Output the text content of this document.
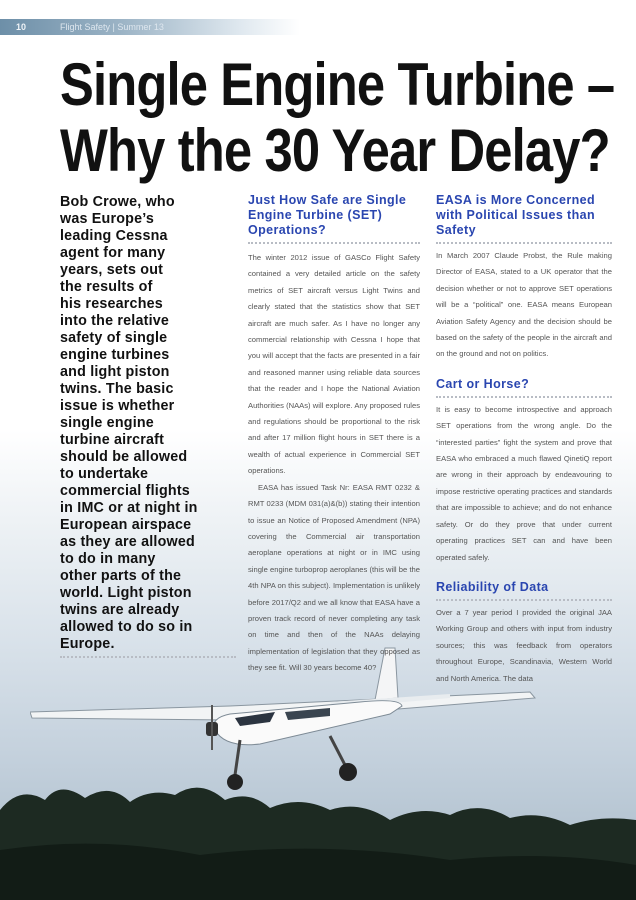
10	Flight Safety | Summer 13
Single Engine Turbine –
Why the 30 Year Delay?
Bob Crowe, who
was Europe’s
leading Cessna
agent for many
years, sets out
the results of
his researches
into the relative
safety of single
engine turbines
and light piston
twins. The basic
issue is whether
single engine
turbine aircraft
should be allowed
to undertake
commercial flights
in IMC or at night in
European airspace
as they are allowed
to do in many
other parts of the
world. Light piston
twins are already
allowed to do so in
Europe.
Just How Safe are Single Engine Turbine (SET) Operations?

The winter 2012 issue of GASCo Flight Safety contained a very detailed article on the safety metrics of SET aircraft versus Light Twins and clearly stated that the statistics show that SET aircraft are much safer. As I have no longer any commercial relationship with Cessna I hope that you will accept that the facts are presented in a fair and reasoned manner using reliable data sources that the reader and I hope the National Aviation Authorities (NAAs) will explore. Any proposed rules and regulations should be proportional to the risk and after 17 million flight hours in SET there is a wealth of actual experience in Commercial SET operations.

EASA has issued Task Nr: EASA RMT 0232 & RMT 0233 (MDM 031(a)&(b)) stating their intention to issue an Notice of Proposed Amendment (NPA) covering the Commercial air transportation aeroplane operations at night or in IMC using single engine turboprop aeroplanes (this will be the 4th NPA on this subject). Implementation is unlikely before 2017/Q2 and we all know that EASA have a proven track record of never completing any task on time and then of the NAAs delaying implementation of legislation that they opposed as they see fit. Will 30 years become 40?

EASA is More Concerned with Political Issues than Safety

In March 2007 Claude Probst, the Rule making Director of EASA, stated to a UK operator that the decision whether or not to approve SET operations will be a “political” one. EASA means European Aviation Safety Agency and the decision should be based on the safety of the people in the aircraft and on the ground and not on politics.

Cart or Horse?

It is easy to become introspective and approach SET operations from the wrong angle. Do the “interested parties” fight the system and prove that EASA who embraced a much flawed QinetiQ report are wrong in their approach by endeavouring to impose restrictive operating practices and standards that are impossible to achieve; and do not enhance safety. Or do they prove that under current operating practices SET can and have been operated safely.

Reliability of Data

Over a 7 year period I provided the original JAA Working Group and others with input from industry sources; this was feedback from operators throughout Europe, Scandinavia, Western World and North America. The data
